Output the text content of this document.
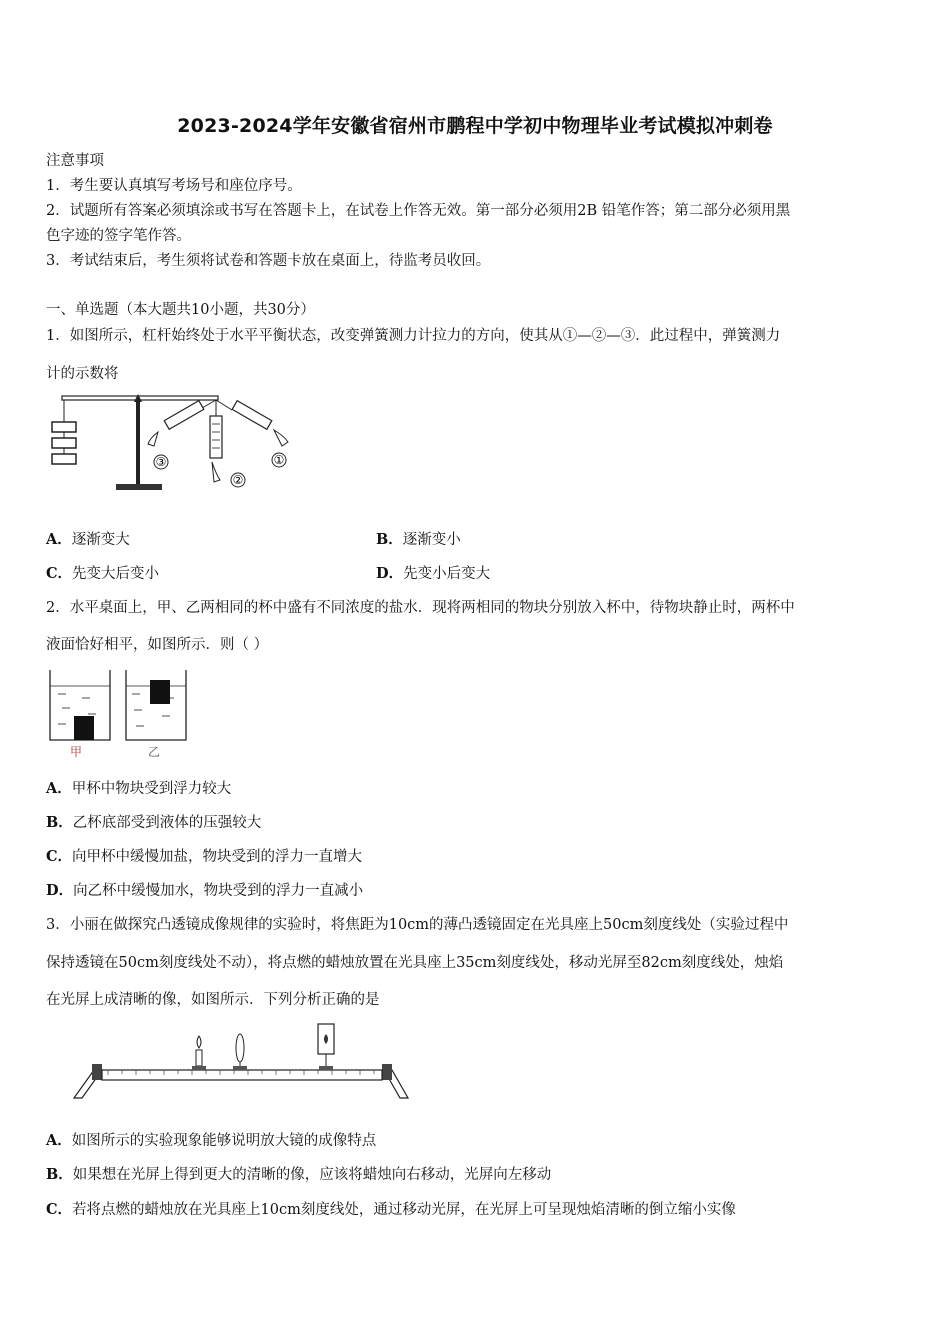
2023-2024学年安徽省宿州市鹏程中学初中物理毕业考试模拟冲刺卷
注意事项
1．考生要认真填写考场号和座位序号。
2．试题所有答案必须填涂或书写在答题卡上，在试卷上作答无效。第一部分必须用2B 铅笔作答；第二部分必须用黑
色字迹的签字笔作答。
3．考试结束后，考生须将试卷和答题卡放在桌面上，待监考员收回。
一、单选题（本大题共10小题，共30分）
1．如图所示，杠杆始终处于水平平衡状态，改变弹簧测力计拉力的方向，使其从①—②—③．此过程中，弹簧测力
计的示数将
①
②
③
A．逐渐变大	B．逐渐变小
C．先变大后变小	D．先变小后变大
2．水平桌面上，甲、乙两相同的杯中盛有不同浓度的盐水．现将两相同的物块分别放入杯中，待物块静止时，两杯中
液面恰好相平，如图所示．则（ ）
甲	乙
A．甲杯中物块受到浮力较大
B．乙杯底部受到液体的压强较大
C．向甲杯中缓慢加盐，物块受到的浮力一直增大
D．向乙杯中缓慢加水，物块受到的浮力一直减小
3．小丽在做探究凸透镜成像规律的实验时，将焦距为10cm的薄凸透镜固定在光具座上50cm刻度线处（实验过程中
保持透镜在50cm刻度线处不动），将点燃的蜡烛放置在光具座上35cm刻度线处，移动光屏至82cm刻度线处，烛焰
在光屏上成清晰的像，如图所示．下列分析正确的是
A．如图所示的实验现象能够说明放大镜的成像特点
B．如果想在光屏上得到更大的清晰的像，应该将蜡烛向右移动，光屏向左移动
C．若将点燃的蜡烛放在光具座上10cm刻度线处，通过移动光屏，在光屏上可呈现烛焰清晰的倒立缩小实像
